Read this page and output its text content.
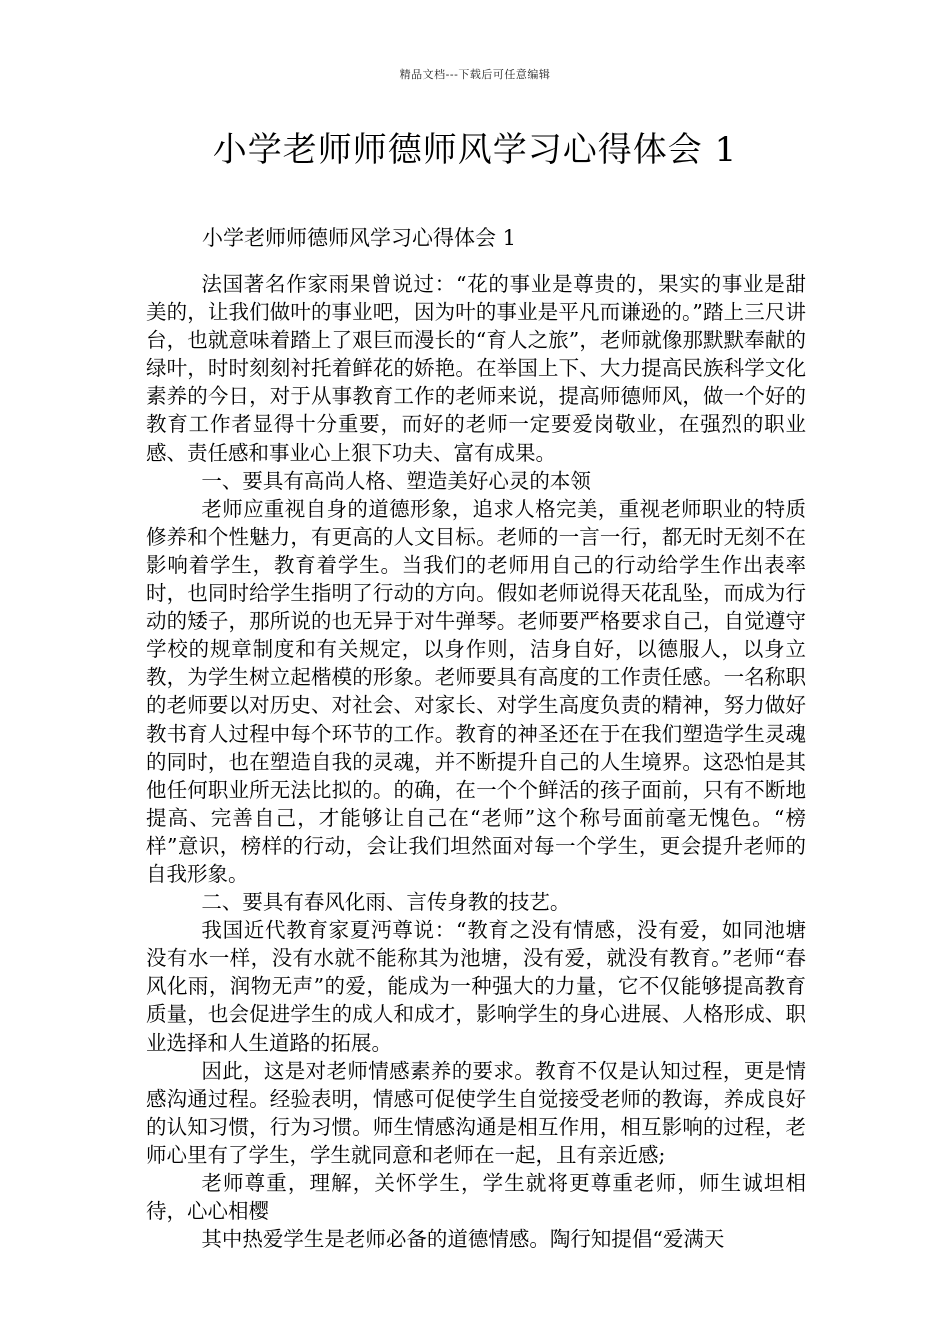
精品文档---下载后可任意编辑
小学老师师德师风学习心得体会 1
小学老师师德师风学习心得体会 1

法国著名作家雨果曾说过：“花的事业是尊贵的，果实的事业是甜美的，让我们做叶的事业吧，因为叶的事业是平凡而谦逊的。”踏上三尺讲台，也就意味着踏上了艰巨而漫长的“育人之旅”，老师就像那默默奉献的绿叶，时时刻刻衬托着鲜花的娇艳。在举国上下、大力提高民族科学文化素养的今日，对于从事教育工作的老师来说，提高师德师风，做一个好的教育工作者显得十分重要，而好的老师一定要爱岗敬业，在强烈的职业感、责任感和事业心上狠下功夫、富有成果。

一、要具有高尚人格、塑造美好心灵的本领

老师应重视自身的道德形象，追求人格完美，重视老师职业的特质修养和个性魅力，有更高的人文目标。老师的一言一行，都无时无刻不在影响着学生，教育着学生。当我们的老师用自己的行动给学生作出表率时，也同时给学生指明了行动的方向。假如老师说得天花乱坠，而成为行动的矮子，那所说的也无异于对牛弹琴。老师要严格要求自己，自觉遵守学校的规章制度和有关规定，以身作则，洁身自好，以德服人，以身立教，为学生树立起楷模的形象。老师要具有高度的工作责任感。一名称职的老师要以对历史、对社会、对家长、对学生高度负责的精神，努力做好教书育人过程中每个环节的工作。教育的神圣还在于在我们塑造学生灵魂的同时，也在塑造自我的灵魂，并不断提升自己的人生境界。这恐怕是其他任何职业所无法比拟的。的确，在一个个鲜活的孩子面前，只有不断地提高、完善自己，才能够让自己在“老师”这个称号面前毫无愧色。“榜样”意识，榜样的行动，会让我们坦然面对每一个学生，更会提升老师的自我形象。

二、要具有春风化雨、言传身教的技艺。

我国近代教育家夏沔尊说：“教育之没有情感，没有爱，如同池塘没有水一样，没有水就不能称其为池塘，没有爱，就没有教育。”老师“春风化雨，润物无声”的爱，能成为一种强大的力量，它不仅能够提高教育质量，也会促进学生的成人和成才，影响学生的身心进展、人格形成、职业选择和人生道路的拓展。

因此，这是对老师情感素养的要求。教育不仅是认知过程，更是情感沟通过程。经验表明，情感可促使学生自觉接受老师的教诲，养成良好的认知习惯，行为习惯。师生情感沟通是相互作用，相互影响的过程，老师心里有了学生，学生就同意和老师在一起，且有亲近感;

老师尊重，理解，关怀学生，学生就将更尊重老师，师生诚坦相待，心心相樱

其中热爱学生是老师必备的道德情感。陶行知提倡“爱满天
